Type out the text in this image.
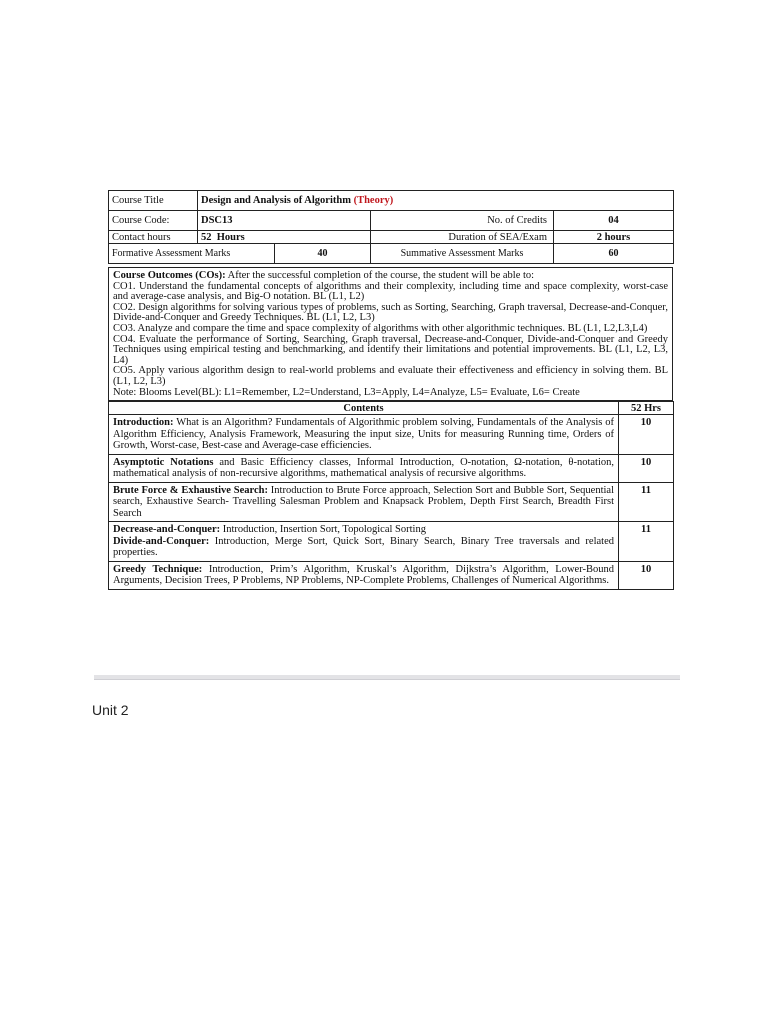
Course Title	Design and Analysis of Algorithm (Theory)			
Course Code:	DSC13		No. of Credits	04
Contact hours	52  Hours		Duration of SEA/Exam	2 hours
Formative Assessment Marks		40	Summative Assessment Marks	60

Course Outcomes (COs): After the successful completion of the course, the student will be able to:

CO1. Understand the fundamental concepts of algorithms and their complexity, including time and space complexity, worst-case and average-case analysis, and Big-O notation. BL (L1, L2)

CO2. Design algorithms for solving various types of problems, such as Sorting, Searching, Graph traversal, Decrease-and-Conquer, Divide-and-Conquer and Greedy Techniques. BL (L1, L2, L3)

CO3. Analyze and compare the time and space complexity of algorithms with other algorithmic techniques. BL (L1, L2,L3,L4)

CO4. Evaluate the performance of Sorting, Searching, Graph traversal, Decrease-and-Conquer, Divide-and-Conquer and Greedy Techniques using empirical testing and benchmarking, and identify their limitations and potential improvements. BL (L1, L2, L3, L4)

CO5. Apply various algorithm design to real-world problems and evaluate their effectiveness and efficiency in solving them. BL (L1, L2, L3)

Note: Blooms Level(BL): L1=Remember, L2=Understand, L3=Apply, L4=Analyze, L5= Evaluate, L6= Create

Contents	52 Hrs
Introduction: What is an Algorithm? Fundamentals of Algorithmic problem solving, Fundamentals of the Analysis of Algorithm Efficiency, Analysis Framework, Measuring the input size, Units for measuring Running time, Orders of Growth, Worst-case, Best-case and Average-case efficiencies.	10
Asymptotic Notations and Basic Efficiency classes, Informal Introduction, O-notation, Ω-notation, θ-notation, mathematical analysis of non-recursive algorithms, mathematical analysis of recursive algorithms.	10
Brute Force & Exhaustive Search: Introduction to Brute Force approach, Selection Sort and Bubble Sort, Sequential search, Exhaustive Search- Travelling Salesman Problem and Knapsack Problem, Depth First Search, Breadth First Search	11
Decrease-and-Conquer: Introduction, Insertion Sort, Topological Sorting
Divide-and-Conquer: Introduction, Merge Sort, Quick Sort, Binary Search, Binary Tree traversals and related properties.	11
Greedy Technique: Introduction, Prim’s Algorithm, Kruskal’s Algorithm, Dijkstra’s Algorithm, Lower-Bound Arguments, Decision Trees, P Problems, NP Problems, NP-Complete Problems, Challenges of Numerical Algorithms.	10
Unit 2
